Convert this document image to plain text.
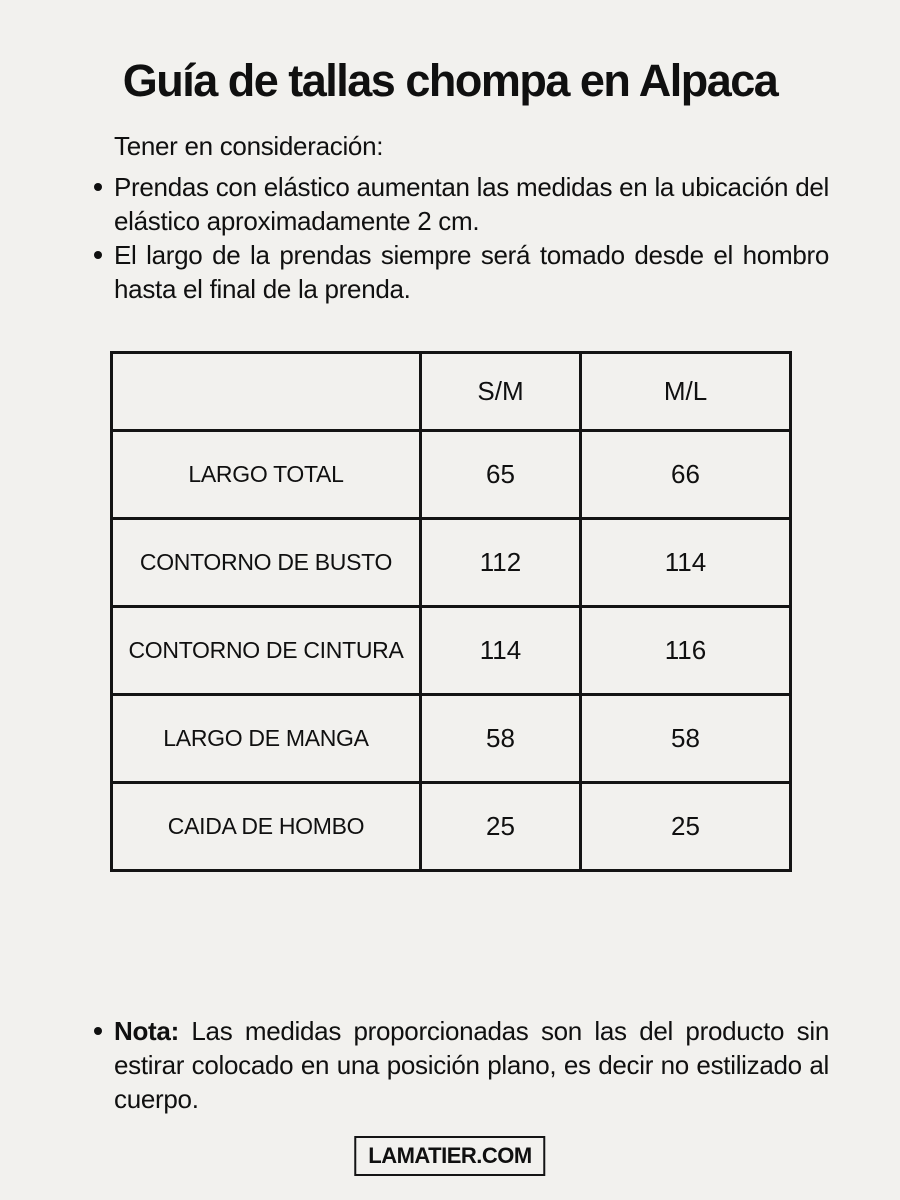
Guía de tallas chompa en Alpaca
Tener en consideración:
Prendas con elástico aumentan las medidas en la ubicación del elástico aproximadamente 2 cm.
El largo de la prendas siempre será tomado desde el hombro hasta el final de la prenda.
	S/M	M/L
LARGO TOTAL	65	66
CONTORNO DE BUSTO	112	114
CONTORNO DE CINTURA	114	116
LARGO DE MANGA	58	58
CAIDA DE HOMBO	25	25
Nota: Las medidas proporcionadas son las del producto sin estirar colocado en una posición plano, es decir no estilizado al cuerpo.
LAMATIER.COM
